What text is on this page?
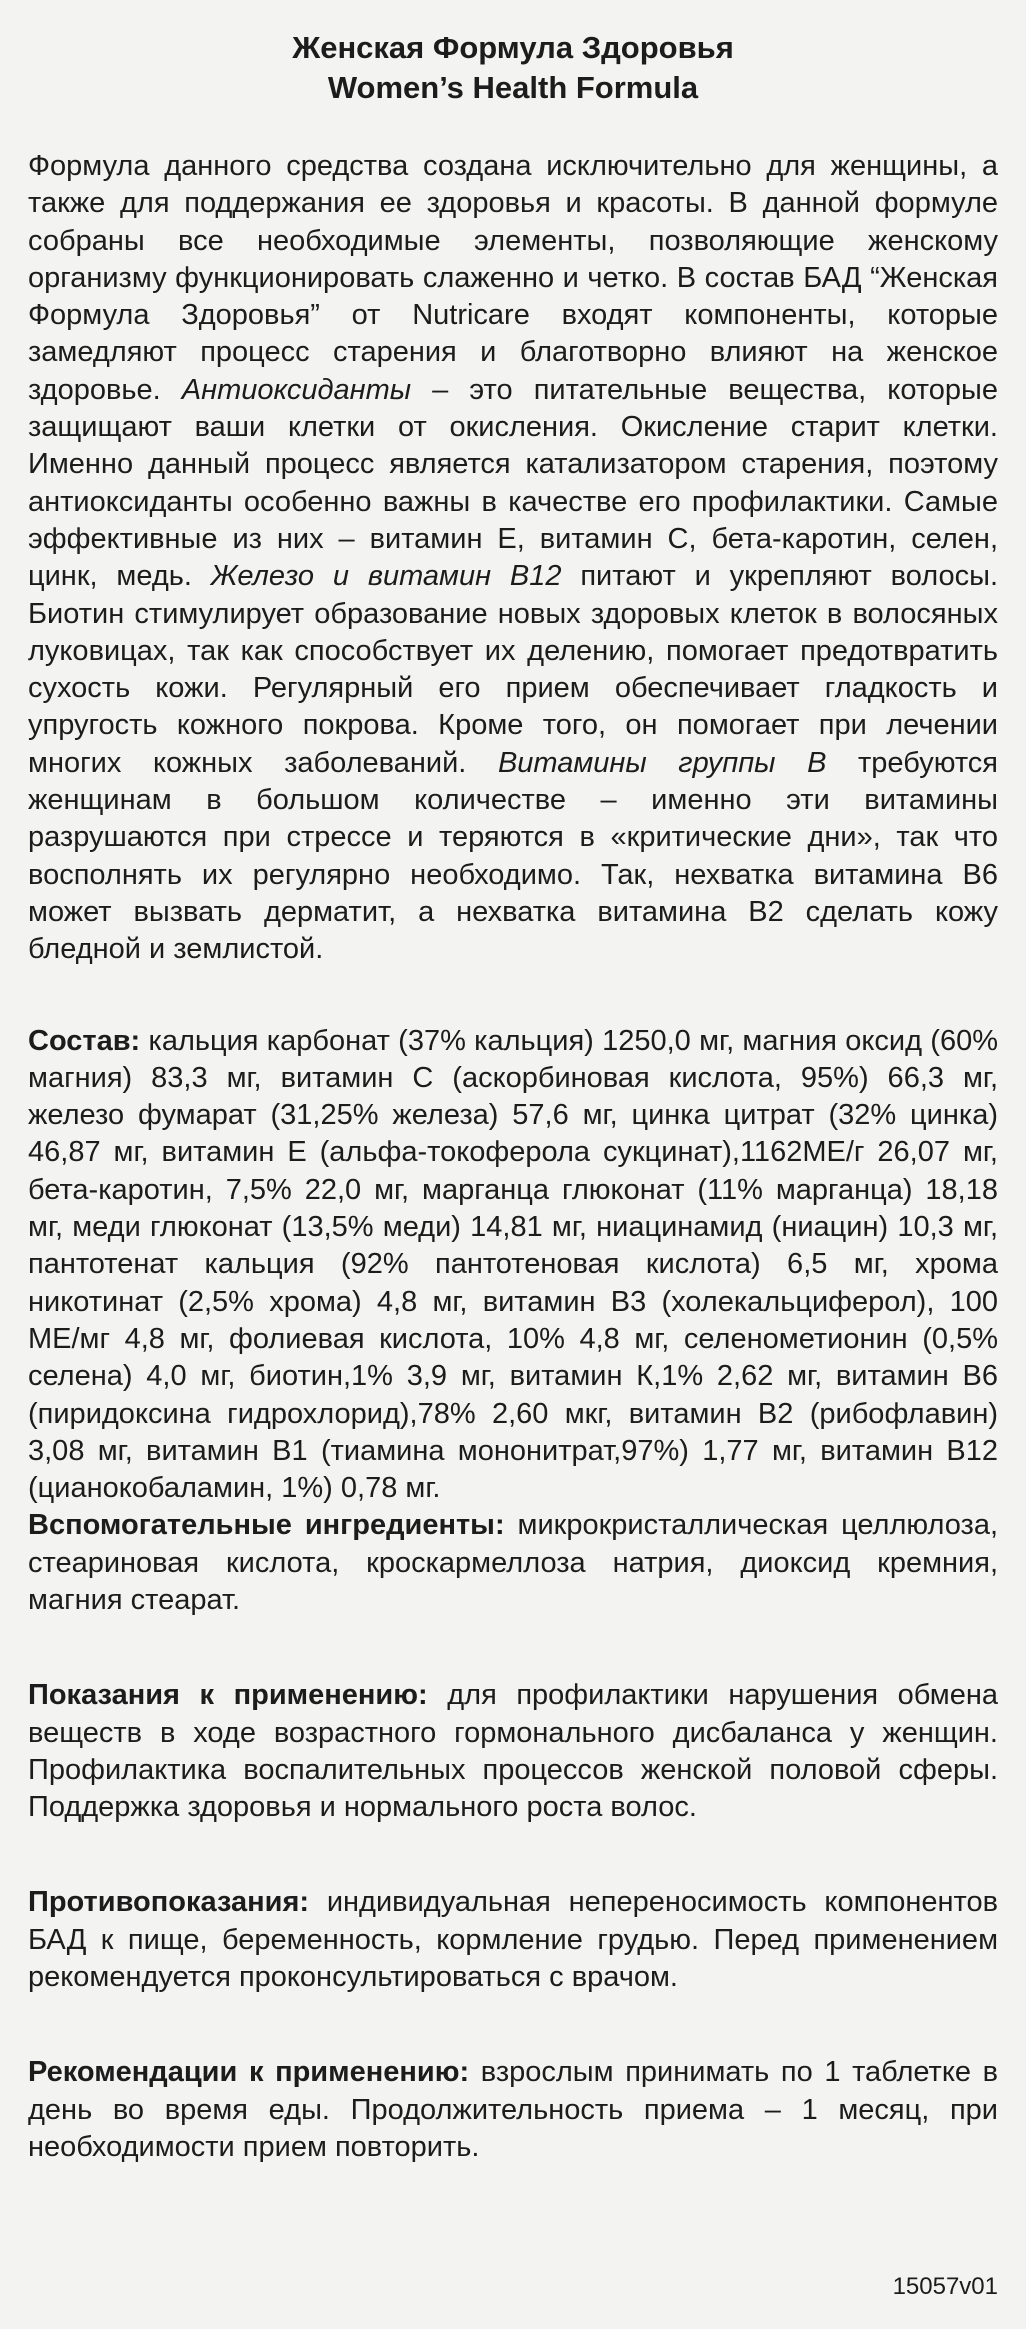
Женская Формула Здоровья
Women’s Health Formula

Формула данного средства создана исключительно для женщины, а также для поддержания ее здоровья и красоты. В данной формуле собраны все необходимые элементы, позволяющие женскому организму функционировать слаженно и четко. В состав БАД “Женская Формула Здоровья” от Nutricare входят компоненты, которые замедляют процесс старения и благотворно влияют на женское здоровье. Антиоксиданты – это питательные вещества, которые защищают ваши клетки от окисления. Окисление старит клетки. Именно данный процесс является катализатором старения, поэтому антиоксиданты особенно важны в качестве его профилактики. Самые эффективные из них – витамин Е, витамин С, бета-каротин, селен, цинк, медь. Железо и витамин В12 питают и укрепляют волосы. Биотин стимулирует образование новых здоровых клеток в волосяных луковицах, так как способствует их делению, помогает предотвратить сухость кожи. Регулярный его прием обеспечивает гладкость и упругость кожного покрова. Кроме того, он помогает при лечении многих кожных заболеваний. Витамины группы В требуются женщинам в большом количестве – именно эти витамины разрушаются при стрессе и теряются в «критические дни», так что восполнять их регулярно необходимо. Так, нехватка витамина В6 может вызвать дерматит, а нехватка витамина В2 сделать кожу бледной и землистой.

Состав: кальция карбонат (37% кальция) 1250,0 мг, магния оксид (60% магния) 83,3 мг, витамин С (аскорбиновая кислота, 95%) 66,3 мг, железо фумарат (31,25% железа) 57,6 мг, цинка цитрат (32% цинка) 46,87 мг, витамин Е (альфа-токоферола сукцинат),1162МЕ/г 26,07 мг, бета-каротин, 7,5% 22,0 мг, марганца глюконат (11% марганца) 18,18 мг, меди глюконат (13,5% меди) 14,81 мг, ниацинамид (ниацин) 10,3 мг, пантотенат кальция (92% пантотеновая кислота) 6,5 мг, хрома никотинат (2,5% хрома) 4,8 мг, витамин В3 (холекальциферол), 100 МЕ/мг 4,8 мг, фолиевая кислота, 10% 4,8 мг, селенометионин (0,5% селена) 4,0 мг, биотин,1% 3,9 мг, витамин К,1% 2,62 мг, витамин В6 (пиридоксина гидрохлорид),78% 2,60 мкг, витамин В2 (рибофлавин) 3,08 мг, витамин В1 (тиамина мононитрат,97%) 1,77 мг, витамин В12 (цианокобаламин, 1%) 0,78 мг.

Вспомогательные ингредиенты: микрокристаллическая целлюлоза, стеариновая кислота, кроскармеллоза натрия, диоксид кремния, магния стеарат.

Показания к применению: для профилактики нарушения обмена веществ в ходе возрастного гормонального дисбаланса у женщин. Профилактика воспалительных процессов женской половой сферы. Поддержка здоровья и нормального роста волос.

Противопоказания: индивидуальная непереносимость компонентов БАД к пище, беременность, кормление грудью. Перед применением рекомендуется проконсультироваться с врачом.

Рекомендации к применению: взрослым принимать по 1 таблетке в день во время еды. Продолжительность приема – 1 месяц, при необходимости прием повторить.

15057v01
